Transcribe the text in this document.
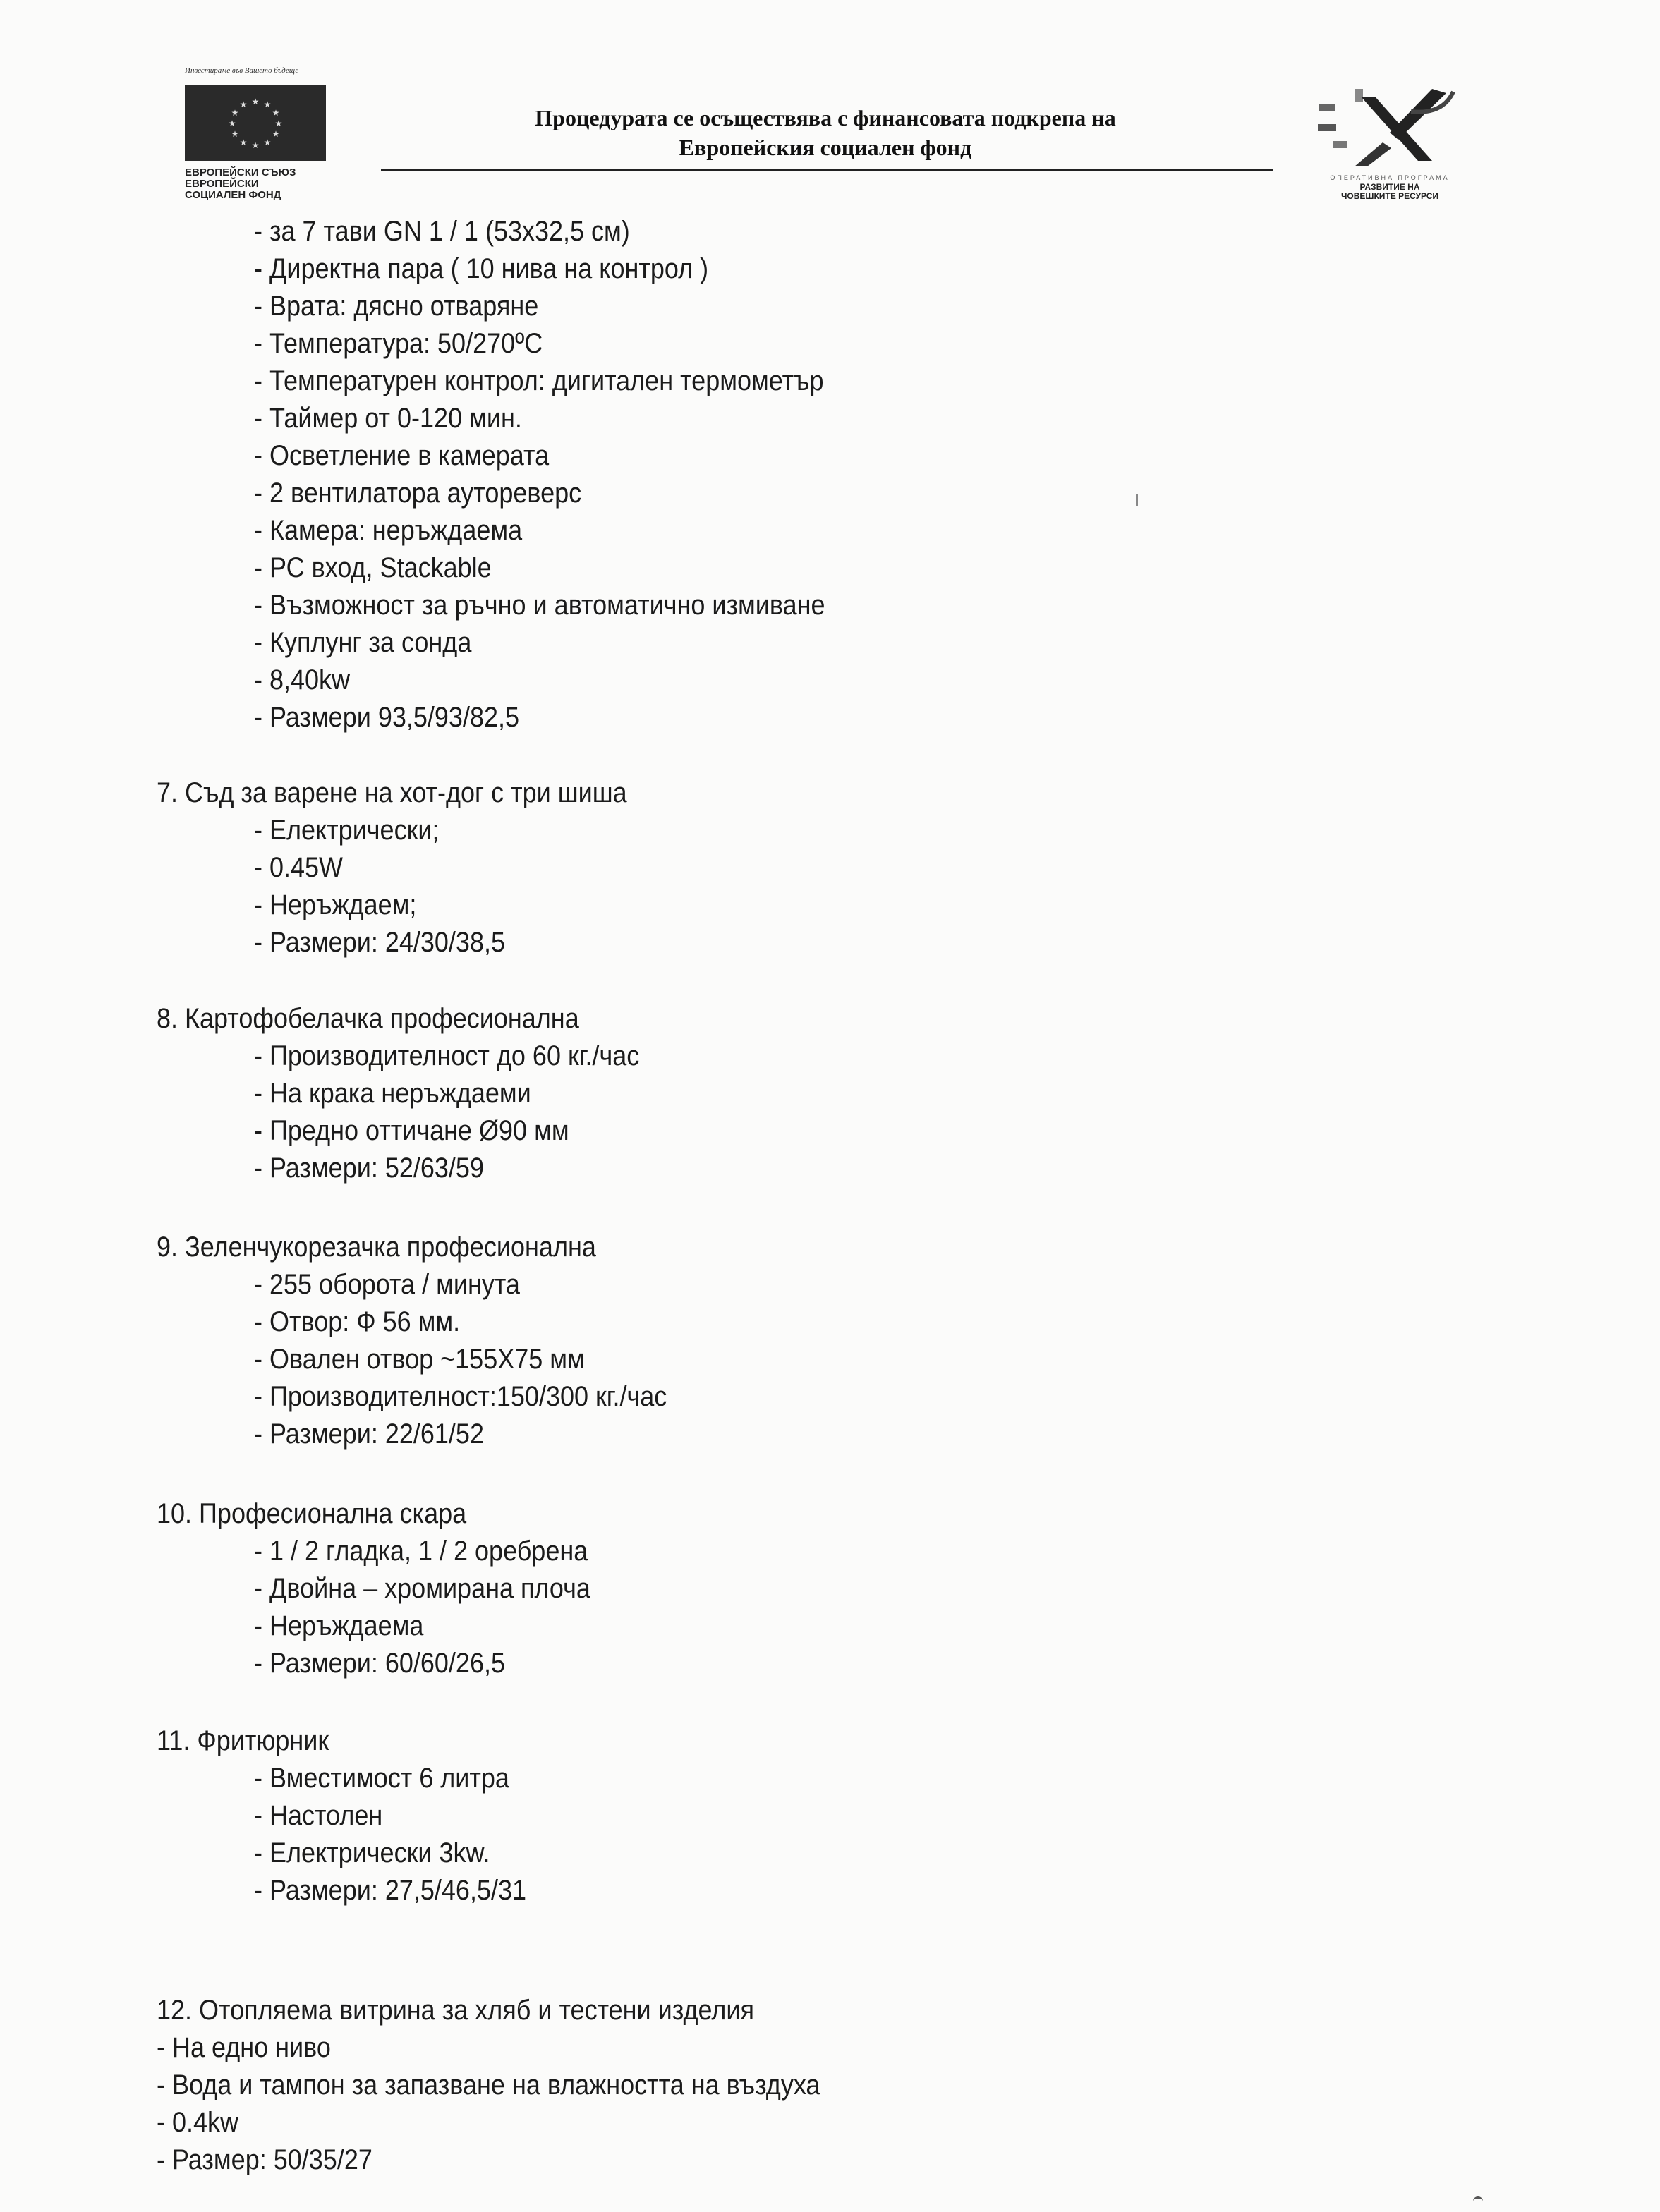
Инвестираме във Вашето бъдеще
★ ★
★
★
★
★
★
★
★
★
★
★
ЕВРОПЕЙСКИ СЪЮЗ
ЕВРОПЕЙСКИ
СОЦИАЛЕН ФОНД
Процедурата се осъществява с финансовата подкрепа на
Европейския социален фонд
ОПЕРАТИВНА ПРОГРАМА
РАЗВИТИЕ НА
ЧОВЕШКИТЕ РЕСУРСИ
- за 7 тави GN 1 / 1 (53х32,5 см)
- Директна пара ( 10 нива на контрол )
- Врата: дясно отваряне
- Температура: 50/270ºС
- Температурен контрол: дигитален термометър
- Таймер от 0-120 мин.
- Осветление в камерата
- 2 вентилатора аутореверс
- Камера: неръждаема
- РС вход, Stackable
- Възможност за ръчно и автоматично измиване
- Куплунг за сонда
- 8,40kw
- Размери 93,5/93/82,5
7. Съд за варене на хот-дог с три шиша
- Електрически;
- 0.45W
- Неръждаем;
- Размери: 24/30/38,5
8. Картофобелачка професионална
- Производителност до 60 кг./час
- На крака неръждаеми
- Предно оттичане Ø90 мм
- Размери: 52/63/59
9. Зеленчукорезачка професионална
- 255 оборота / минута
- Отвор: Ф 56 мм.
- Овален отвор ~155Х75 мм
- Производителност:150/300 кг./час
- Размери: 22/61/52
10. Професионална скара
- 1 / 2 гладка, 1 / 2 оребрена
- Двойна – хромирана плоча
- Неръждаема
- Размери: 60/60/26,5
11. Фритюрник
- Вместимост 6 литра
- Настолен
- Електрически 3kw.
- Размери: 27,5/46,5/31
12. Отопляема витрина за хляб и тестени изделия
- На едно ниво
- Вода и тампон за запазване на влажността на въздуха
- 0.4kw
- Размер: 50/35/27
